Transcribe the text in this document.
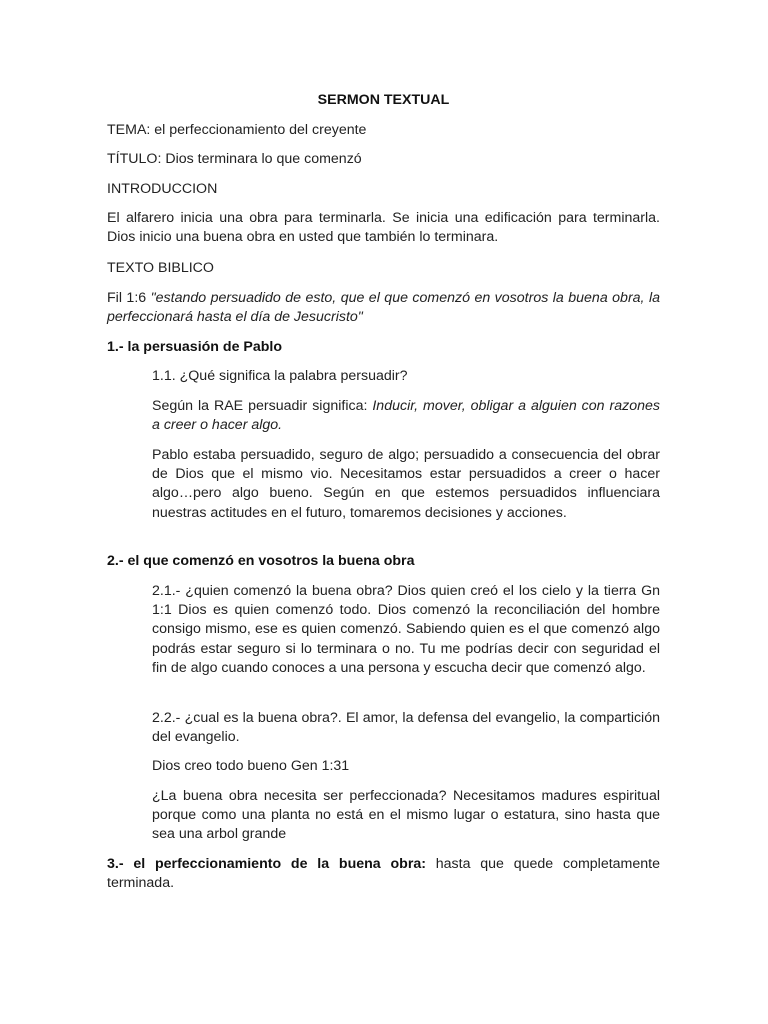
SERMON TEXTUAL
TEMA: el perfeccionamiento del creyente
TÍTULO: Dios terminara lo que comenzó
INTRODUCCION
El alfarero inicia una obra para terminarla. Se inicia una edificación para terminarla. Dios inicio una buena obra en usted que también lo terminara.
TEXTO BIBLICO
Fil 1:6 "estando persuadido de esto, que el que comenzó en vosotros la buena obra, la perfeccionará hasta el día de Jesucristo"
1.- la persuasión de Pablo
1.1. ¿Qué significa la palabra persuadir?
Según la RAE persuadir significa: Inducir, mover, obligar a alguien con razones a creer o hacer algo.
Pablo estaba persuadido, seguro de algo; persuadido a consecuencia del obrar de Dios que el mismo vio. Necesitamos estar persuadidos a creer o hacer algo…pero algo bueno. Según en que estemos persuadidos influenciara nuestras actitudes en el futuro, tomaremos decisiones y acciones.
2.- el que comenzó en vosotros la buena obra
2.1.- ¿quien comenzó la buena obra? Dios quien creó el los cielo y la tierra Gn 1:1 Dios es quien comenzó todo. Dios comenzó la reconciliación del hombre consigo mismo, ese es quien comenzó. Sabiendo quien es el que comenzó algo podrás estar seguro si lo terminara o no. Tu me podrías decir con seguridad el fin de algo cuando conoces a una persona y escucha decir que comenzó algo.
2.2.- ¿cual es la buena obra?. El amor, la defensa del evangelio, la compartición del evangelio.
Dios creo todo bueno Gen 1:31
¿La buena obra necesita ser perfeccionada? Necesitamos madures espiritual porque como una planta no está en el mismo lugar o estatura, sino hasta que sea una arbol grande
3.- el perfeccionamiento de la buena obra: hasta que quede completamente terminada.
